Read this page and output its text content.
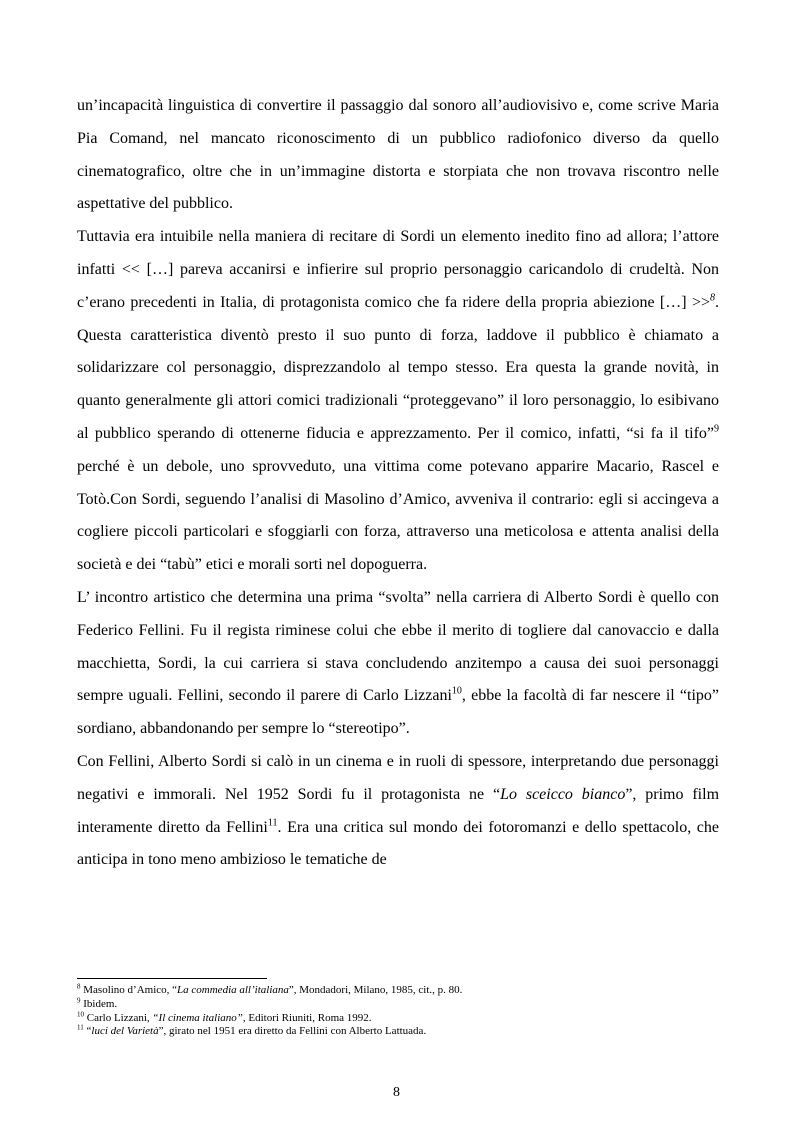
un’incapacità linguistica di convertire il passaggio dal sonoro all’audiovisivo e, come scrive Maria Pia Comand, nel mancato riconoscimento di un pubblico radiofonico diverso da quello cinematografico, oltre che in un’immagine distorta e storpiata che non trovava riscontro nelle aspettative del pubblico.

Tuttavia era intuibile nella maniera di recitare di Sordi un elemento inedito fino ad allora; l’attore infatti << […] pareva accanirsi e infierire sul proprio personaggio caricandolo di crudeltà. Non c’erano precedenti in Italia, di protagonista comico che fa ridere della propria abiezione […] >>$^8$. Questa caratteristica diventò presto il suo punto di forza, laddove il pubblico è chiamato a solidarizzare col personaggio, disprezzandolo al tempo stesso. Era questa la grande novità, in quanto generalmente gli attori comici tradizionali “proteggevano” il loro personaggio, lo esibivano al pubblico sperando di ottenerne fiducia e apprezzamento. Per il comico, infatti, “si fa il tifo”$^9$ perché è un debole, uno sprovveduto, una vittima come potevano apparire Macario, Rascel e Totò.Con Sordi, seguendo l’analisi di Masolino d’Amico, avveniva il contrario: egli si accingeva a cogliere piccoli particolari e sfoggiarli con forza, attraverso una meticolosa e attenta analisi della società e dei “tabù” etici e morali sorti nel dopoguerra.

L’ incontro artistico che determina una prima “svolta” nella carriera di Alberto Sordi è quello con Federico Fellini. Fu il regista riminese colui che ebbe il merito di togliere dal canovaccio e dalla macchietta, Sordi, la cui carriera si stava concludendo anzitempo a causa dei suoi personaggi sempre uguali. Fellini, secondo il parere di Carlo Lizzani$^{10}$, ebbe la facoltà di far nescere il “tipo” sordiano, abbandonando per sempre lo “stereotipo”.

Con Fellini, Alberto Sordi si calò in un cinema e in ruoli di spessore, interpretando due personaggi negativi e immorali. Nel 1952 Sordi fu il protagonista ne “Lo sceicco bianco”, primo film interamente diretto da Fellini$^{11}$. Era una critica sul mondo dei fotoromanzi e dello spettacolo, che anticipa in tono meno ambizioso le tematiche de

$^8$ Masolino d’Amico, “La commedia all’italiana”, Mondadori, Milano, 1985, cit., p. 80.

$^9$ Ibidem.

$^{10}$ Carlo Lizzani, “Il cinema italiano”, Editori Riuniti, Roma 1992.

$^{11}$ “luci del Varietà”, girato nel 1951 era diretto da Fellini con Alberto Lattuada.

8
